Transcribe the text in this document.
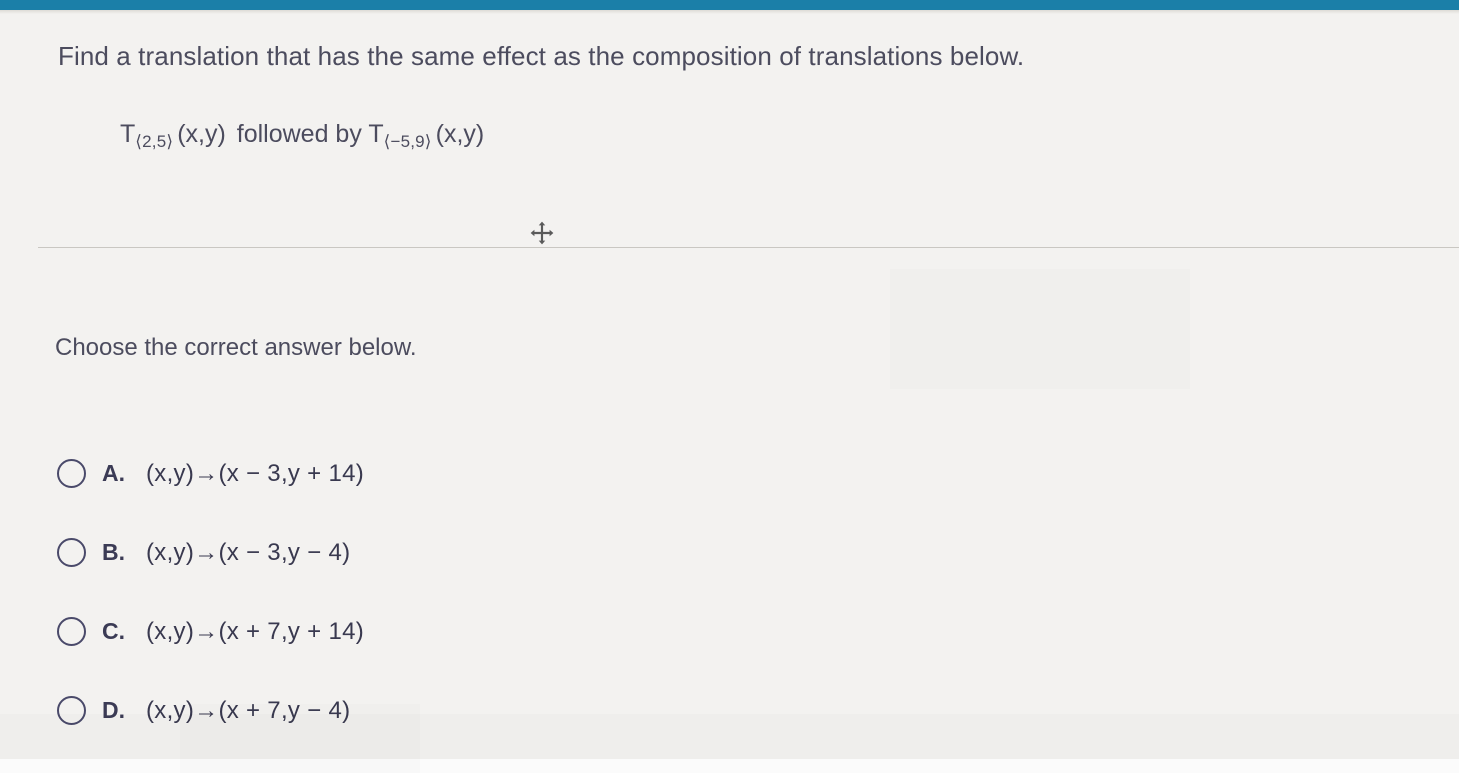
Find a translation that has the same effect as the composition of translations below.
$T_{⟨2,5⟩}$ (x,y) followed by $T_{⟨-5,9⟩}$ (x,y)
Choose the correct answer below.
A. (x,y)→(x − 3,y + 14)
B. (x,y)→(x − 3,y − 4)
C. (x,y)→(x + 7,y + 14)
D. (x,y)→(x + 7,y − 4)
